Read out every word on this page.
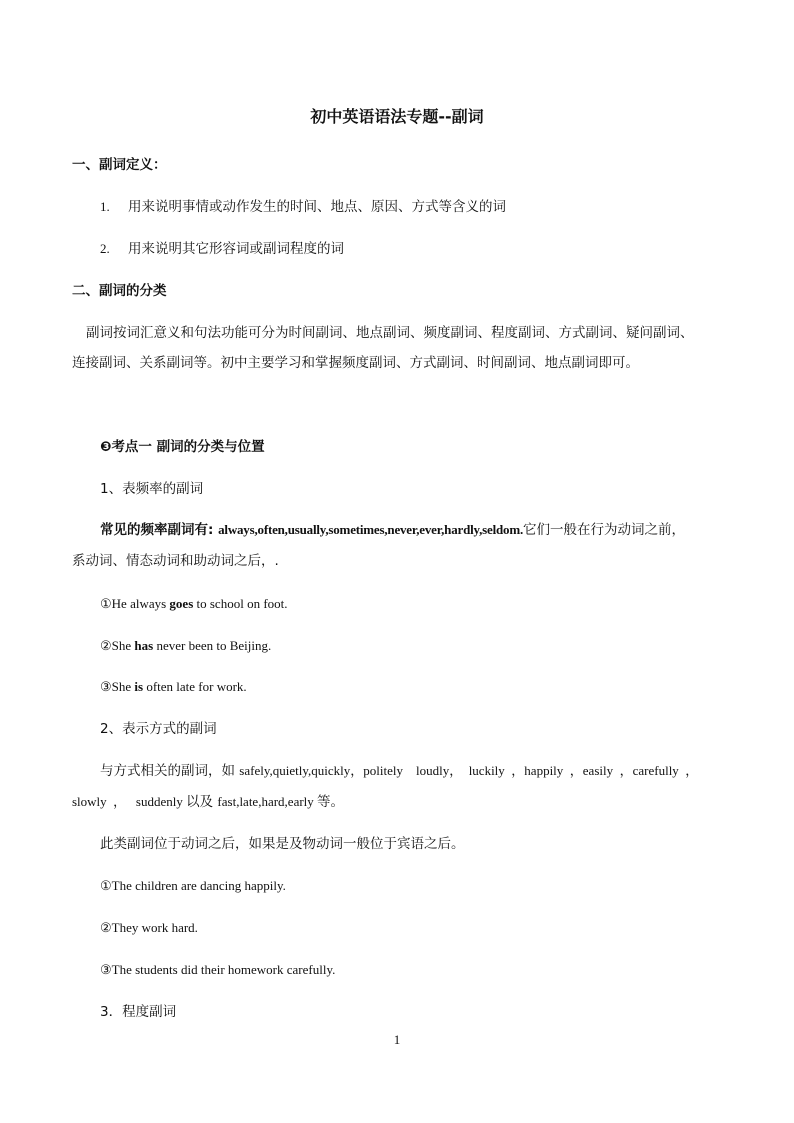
初中英语语法专题--副词
一、副词定义：
1. 用来说明事情或动作发生的时间、地点、原因、方式等含义的词
2. 用来说明其它形容词或副词程度的词
二、副词的分类
副词按词汇意义和句法功能可分为时间副词、地点副词、频度副词、程度副词、方式副词、疑问副词、
连接副词、关系副词等。初中主要学习和掌握频度副词、方式副词、时间副词、地点副词即可。
❸考点一 副词的分类与位置
1、表频率的副词
常见的频率副词有: always,often,usually,sometimes,never,ever,hardly,seldom.它们一般在行为动词之前，
系动词、情态动词和助动词之后，.
①He always goes to school on foot.
②She has never been to Beijing.
③She is often late for work.
2、表示方式的副词
与方式相关的副词，如 safely,quietly,quickly，politely    loudly，  luckily  ，happily  ，easily  ，carefully  ，
slowly  ，   suddenly 以及 fast,late,hard,early 等。
此类副词位于动词之后，如果是及物动词一般位于宾语之后。
①The children are dancing happily.
②They work hard.
③The students did their homework carefully.
3．程度副词
1
